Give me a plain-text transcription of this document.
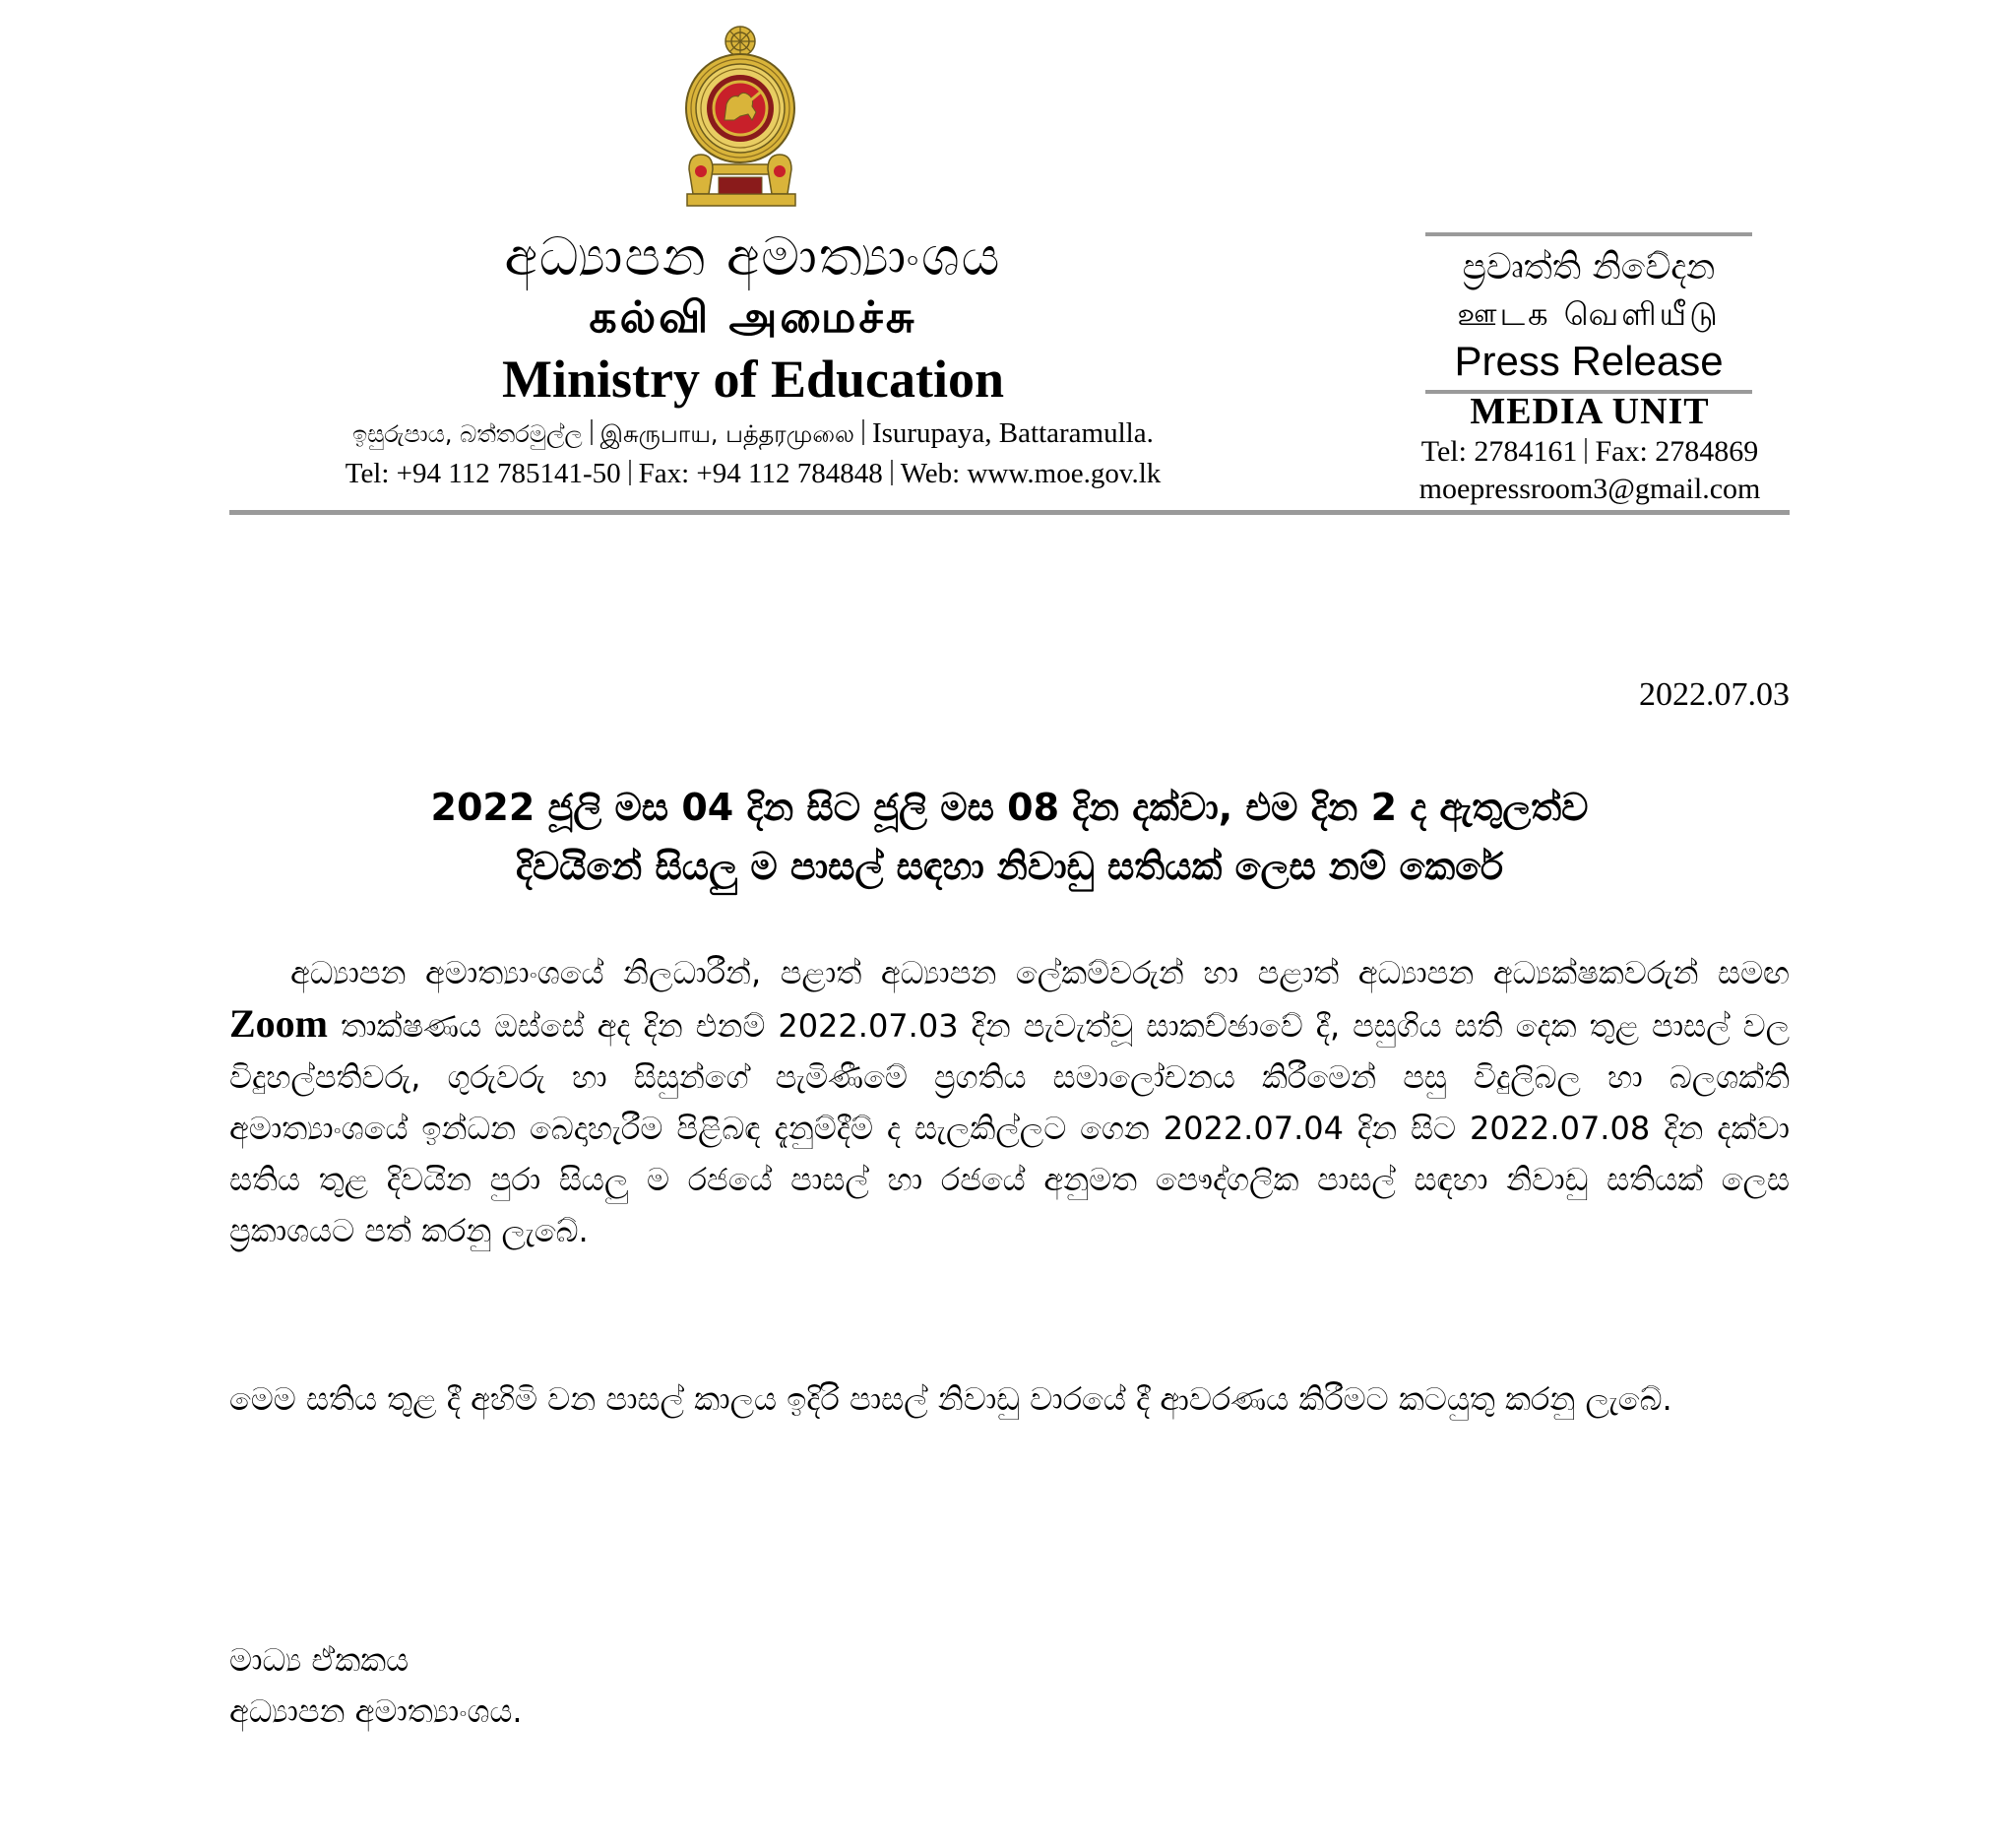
අධ්‍යාපන අමාත්‍යාංශය
கல்வி அமைச்சு
Ministry of Education
ඉසුරුපාය, බත්තරමුල්ල இசுருபாய, பத்தரமுலை Isurupaya, Battaramulla.
Tel: +94 112 785141-50 Fax: +94 112 784848 Web: www.moe.gov.lk
ප්‍රවෘත්ති නිවේදන
ஊடக வெளியீடு
Press Release
MEDIA UNIT
Tel: 2784161 Fax: 2784869
moepressroom3@gmail.com
2022.07.03
2022 ජූලි මස 04 දින සිට ජූලි මස 08 දින දක්වා, එම දින 2 ද ඇතුලත්ව
දිවයිනේ සියලු ම පාසල් සඳහා නිවාඩු සතියක් ලෙස නම් කෙරේ
අධ්‍යාපන අමාත්‍යාංශයේ නිලධාරීන්, පළාත් අධ්‍යාපන ලේකම්වරුන් හා පළාත් අධ්‍යාපන අධ්‍යක්ෂකවරුන් සමඟ Zoom තාක්ෂණය ඔස්සේ අද දින එනම් 2022.07.03 දින පැවැත්වූ සාකච්ඡාවේ දී, පසුගිය සති දෙක තුළ පාසල් වල විදුහල්පතිවරු, ගුරුවරු හා සිසුන්ගේ පැමිණීමේ ප්‍රගතිය සමාලෝචනය කිරීමෙන් පසු විදුලිබල හා බලශක්ති අමාත්‍යාංශයේ ඉන්ධන බෙදාහැරීම පිළිබඳ දැනුම්දීම් ද සැලකිල්ලට ගෙන 2022.07.04 දින සිට 2022.07.08 දින දක්වා සතිය තුළ දිවයින පුරා සියලු ම රජයේ පාසල් හා රජයේ අනුමත පෞද්ගලික පාසල් සඳහා නිවාඩු සතියක් ලෙස ප්‍රකාශයට පත් කරනු ලැබේ.
මෙම සතිය තුළ දී අහිමි වන පාසල් කාලය ඉදිරි පාසල් නිවාඩු වාරයේ දී ආවරණය කිරීමට කටයුතු කරනු ලැබේ.
මාධ්‍ය ඒකකය
අධ්‍යාපන අමාත්‍යාංශය.
